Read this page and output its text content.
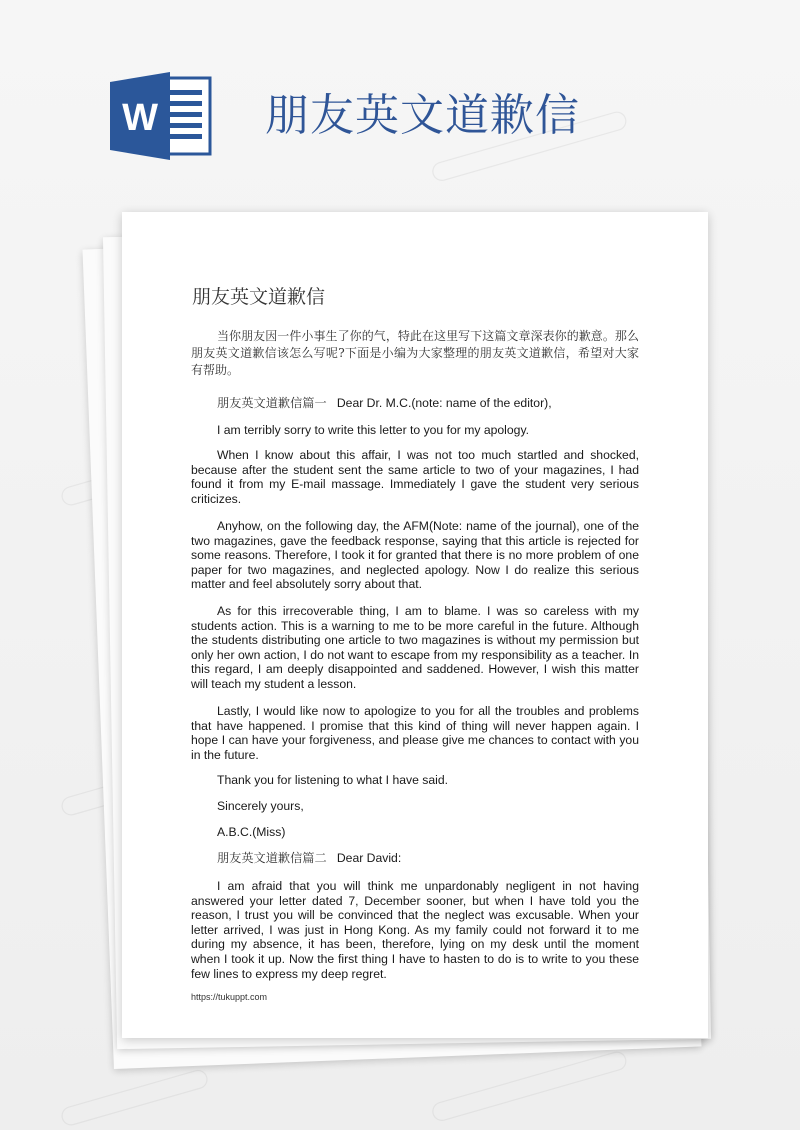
W 朋友英文道歉信
朋友英文道歉信
当你朋友因一件小事生了你的气，特此在这里写下这篇文章深表你的歉意。那么朋友英文道歉信该怎么写呢?下面是小编为大家整理的朋友英文道歉信，希望对大家有帮助。
朋友英文道歉信篇一 Dear Dr. M.C.(note: name of the editor),
I am terribly sorry to write this letter to you for my apology.
When I know about this affair, I was not too much startled and shocked, because after the student sent the same article to two of your magazines, I had found it from my E-mail massage. Immediately I gave the student very serious criticizes.
Anyhow, on the following day, the AFM(Note: name of the journal), one of the two magazines, gave the feedback response, saying that this article is rejected for some reasons. Therefore, I took it for granted that there is no more problem of one paper for two magazines, and neglected apology. Now I do realize this serious matter and feel absolutely sorry about that.
As for this irrecoverable thing, I am to blame. I was so careless with my students action. This is a warning to me to be more careful in the future. Although the students distributing one article to two magazines is without my permission but only her own action, I do not want to escape from my responsibility as a teacher. In this regard, I am deeply disappointed and saddened. However, I wish this matter will teach my student a lesson.
Lastly, I would like now to apologize to you for all the troubles and problems that have happened. I promise that this kind of thing will never happen again. I hope I can have your forgiveness, and please give me chances to contact with you in the future.
Thank you for listening to what I have said.
Sincerely yours,
A.B.C.(Miss)
朋友英文道歉信篇二 Dear David:
I am afraid that you will think me unpardonably negligent in not having answered your letter dated 7, December sooner, but when I have told you the reason, I trust you will be convinced that the neglect was excusable. When your letter arrived, I was just in Hong Kong. As my family could not forward it to me during my absence, it has been, therefore, lying on my desk until the moment when I took it up. Now the first thing I have to hasten to do is to write to you these few lines to express my deep regret.
https://tukuppt.com
